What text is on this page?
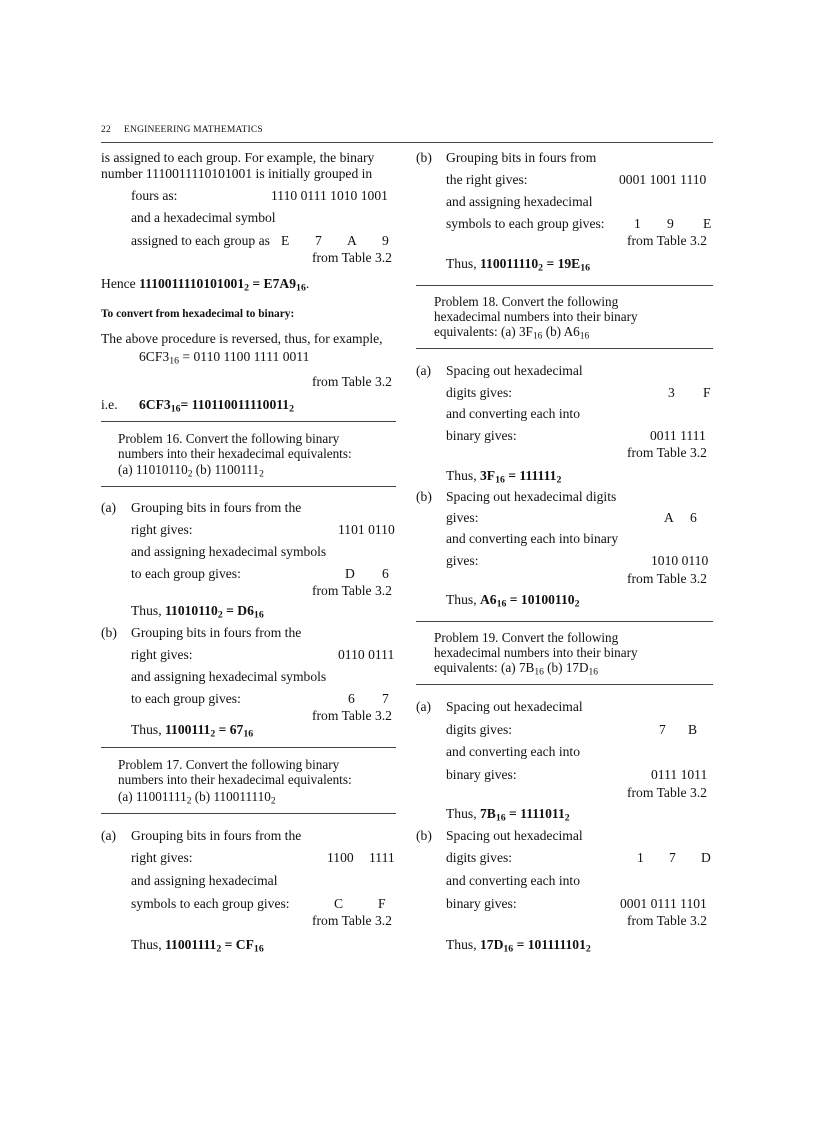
22 ENGINEERING MATHEMATICS
is assigned to each group. For example, the binary
number 1110011110101001 is initially grouped in
fours as:	1110 0111 1010 1001
and a hexadecimal symbol
assigned to each group as E 7 A 9
from Table 3.2
Hence $1110011110101001_2 = E7A9_{16}$.
To convert from hexadecimal to binary:
The above procedure is reversed, thus, for example,
$6CF3_{16} = 0110$ 1100 1111 0011
from Table 3.2
i.e. $6CF3_{16}= 110110011110011_2$
Problem 16. Convert the following binary
numbers into their hexadecimal equivalents:
(a) $11010110_2$ (b) $1100111_2$
(a) Grouping bits in fours from the
right gives:	1101 0110
and assigning hexadecimal symbols
to each group gives:	D 6
from Table 3.2
Thus, $11010110_2 = D6_{16}$
(b) Grouping bits in fours from the
right gives:	0110 0111
and assigning hexadecimal symbols
to each group gives:	6 7
from Table 3.2
Thus, $1100111_2 = 67_{16}$
Problem 17. Convert the following binary
numbers into their hexadecimal equivalents:
(a) $11001111_2$ (b) $110011110_2$
(a) Grouping bits in fours from the
right gives:	1100 1111
and assigning hexadecimal
symbols to each group gives:	C	F
from Table 3.2
Thus, $11001111_2 = CF_{16}$
(b) Grouping bits in fours from
the right gives:	0001 1001 1110
and assigning hexadecimal
symbols to each group gives: 1 9 E
from Table 3.2
Thus, $110011110_2 = 19E_{16}$
Problem 18. Convert the following
hexadecimal numbers into their binary
equivalents: (a) $3F_{16}$ (b) $A6_{16}$
(a) Spacing out hexadecimal
digits gives:	3 F
and converting each into
binary gives:	0011 1111
from Table 3.2
Thus, $3F_{16} = 111111_2$
(b) Spacing out hexadecimal digits
gives:	A 6
and converting each into binary
gives:	1010 0110
from Table 3.2
Thus, $A6_{16} = 10100110_2$
Problem 19. Convert the following
hexadecimal numbers into their binary
equivalents: (a) $7B_{16}$ (b) $17D_{16}$
(a) Spacing out hexadecimal
digits gives:	7 B
and converting each into
binary gives:	0111 1011
from Table 3.2
Thus, $7B_{16} = 1111011_2$
(b) Spacing out hexadecimal
digits gives:	1 7 D
and converting each into
binary gives:	0001 0111 1101
from Table 3.2
Thus, $17D_{16} = 101111101_2$
